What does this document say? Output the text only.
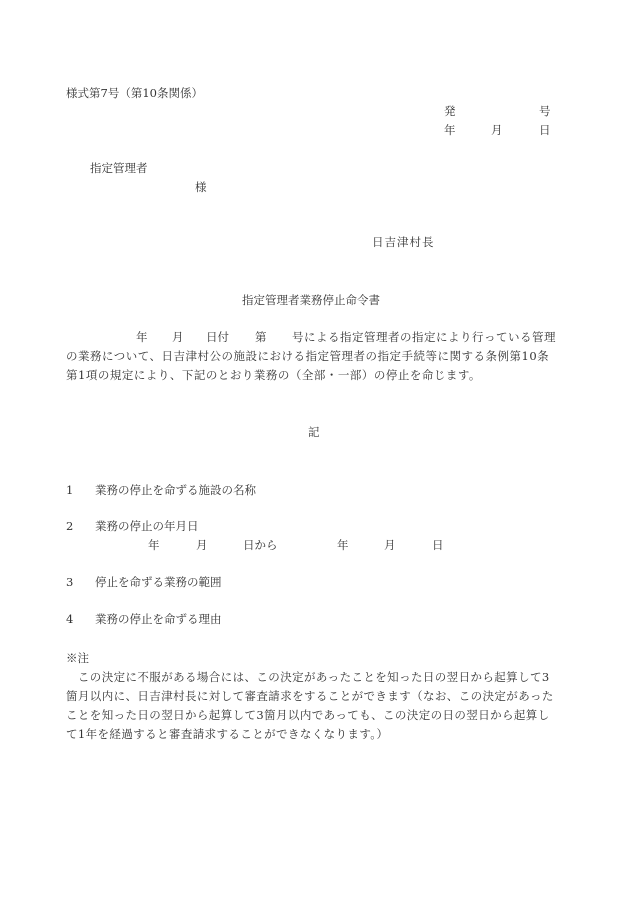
様式第7号（第10条関係）
発	号
年	月	日
指定管理者
様
日吉津村長
指定管理者業務停止命令書
年 月 日付 第 号による指定管理者の指定により行っている管理
の業務について、日吉津村公の施設における指定管理者の指定手続等に関する条例第10条
第1項の規定により、下記のとおり業務の（全部・一部）の停止を命じます。
記
1 業務の停止を命ずる施設の名称
2 業務の停止の年月日
年	月	日から	年	月	日
3 停止を命ずる業務の範囲
4 業務の停止を命ずる理由
※注
　この決定に不服がある場合には、この決定があったことを知った日の翌日から起算して3
箇月以内に、日吉津村長に対して審査請求をすることができます（なお、この決定があった
ことを知った日の翌日から起算して3箇月以内であっても、この決定の日の翌日から起算し
て1年を経過すると審査請求することができなくなります。）
